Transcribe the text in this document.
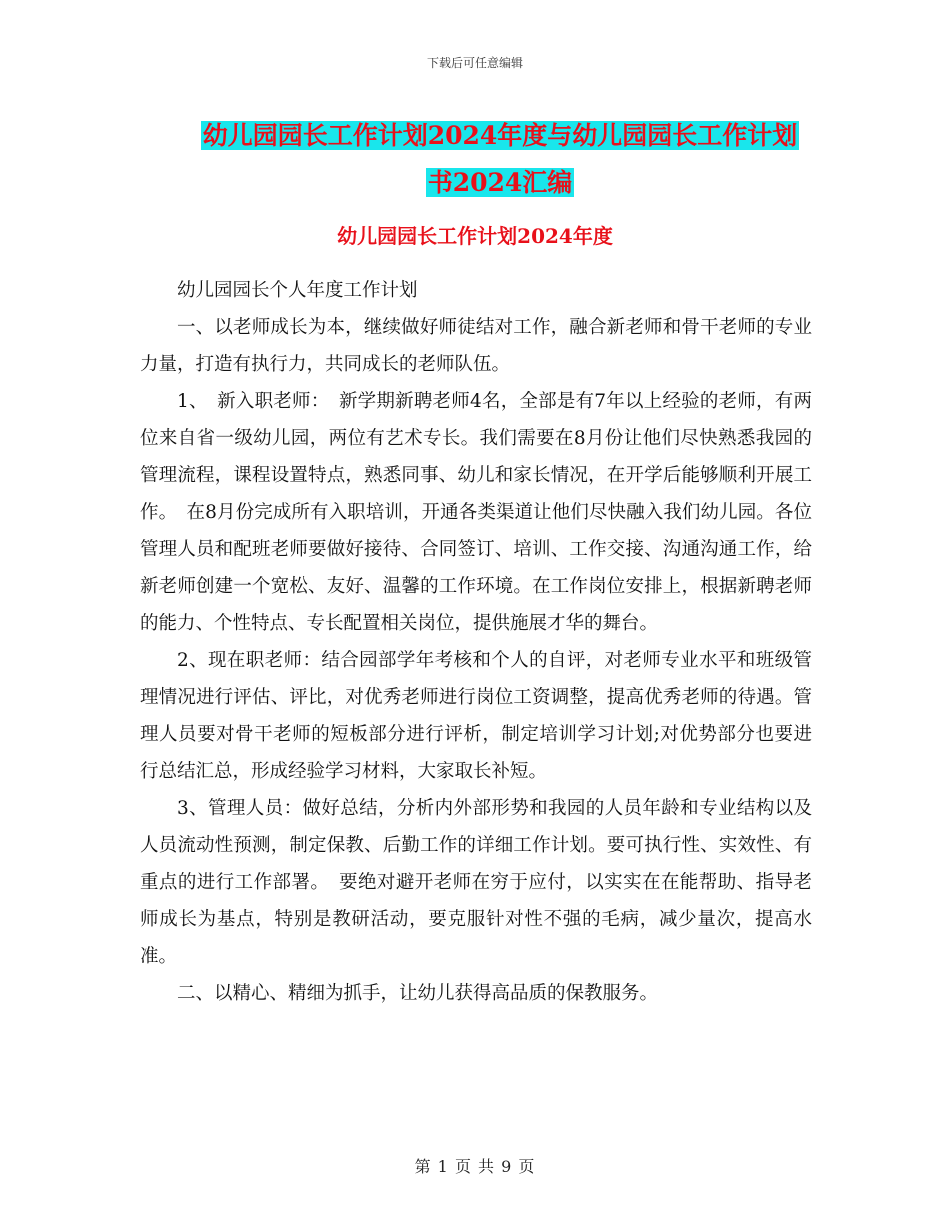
下载后可任意编辑
幼儿园园长工作计划2024年度与幼儿园园长工作计划
书2024汇编
幼儿园园长工作计划2024年度

幼儿园园长个人年度工作计划

一、以老师成长为本，继续做好师徒结对工作，融合新老师和骨干老师的专业力量，打造有执行力，共同成长的老师队伍。

1、　新入职老师：　新学期新聘老师4名，全部是有7年以上经验的老师，有两位来自省一级幼儿园，两位有艺术专长。我们需要在8月份让他们尽快熟悉我园的管理流程，课程设置特点，熟悉同事、幼儿和家长情况，在开学后能够顺利开展工作。　在8月份完成所有入职培训，开通各类渠道让他们尽快融入我们幼儿园。各位管理人员和配班老师要做好接待、合同签订、培训、工作交接、沟通沟通工作，给新老师创建一个宽松、友好、温馨的工作环境。在工作岗位安排上，根据新聘老师的能力、个性特点、专长配置相关岗位，提供施展才华的舞台。

2、现在职老师：结合园部学年考核和个人的自评，对老师专业水平和班级管理情况进行评估、评比，对优秀老师进行岗位工资调整，提高优秀老师的待遇。管理人员要对骨干老师的短板部分进行评析，制定培训学习计划;对优势部分也要进行总结汇总，形成经验学习材料，大家取长补短。

3、管理人员：做好总结，分析内外部形势和我园的人员年龄和专业结构以及人员流动性预测，制定保教、后勤工作的详细工作计划。要可执行性、实效性、有重点的进行工作部署。　要绝对避开老师在穷于应付，以实实在在能帮助、指导老师成长为基点，特别是教研活动，要克服针对性不强的毛病，减少量次，提高水准。

二、以精心、精细为抓手，让幼儿获得高品质的保教服务。

第 1 页 共 9 页
